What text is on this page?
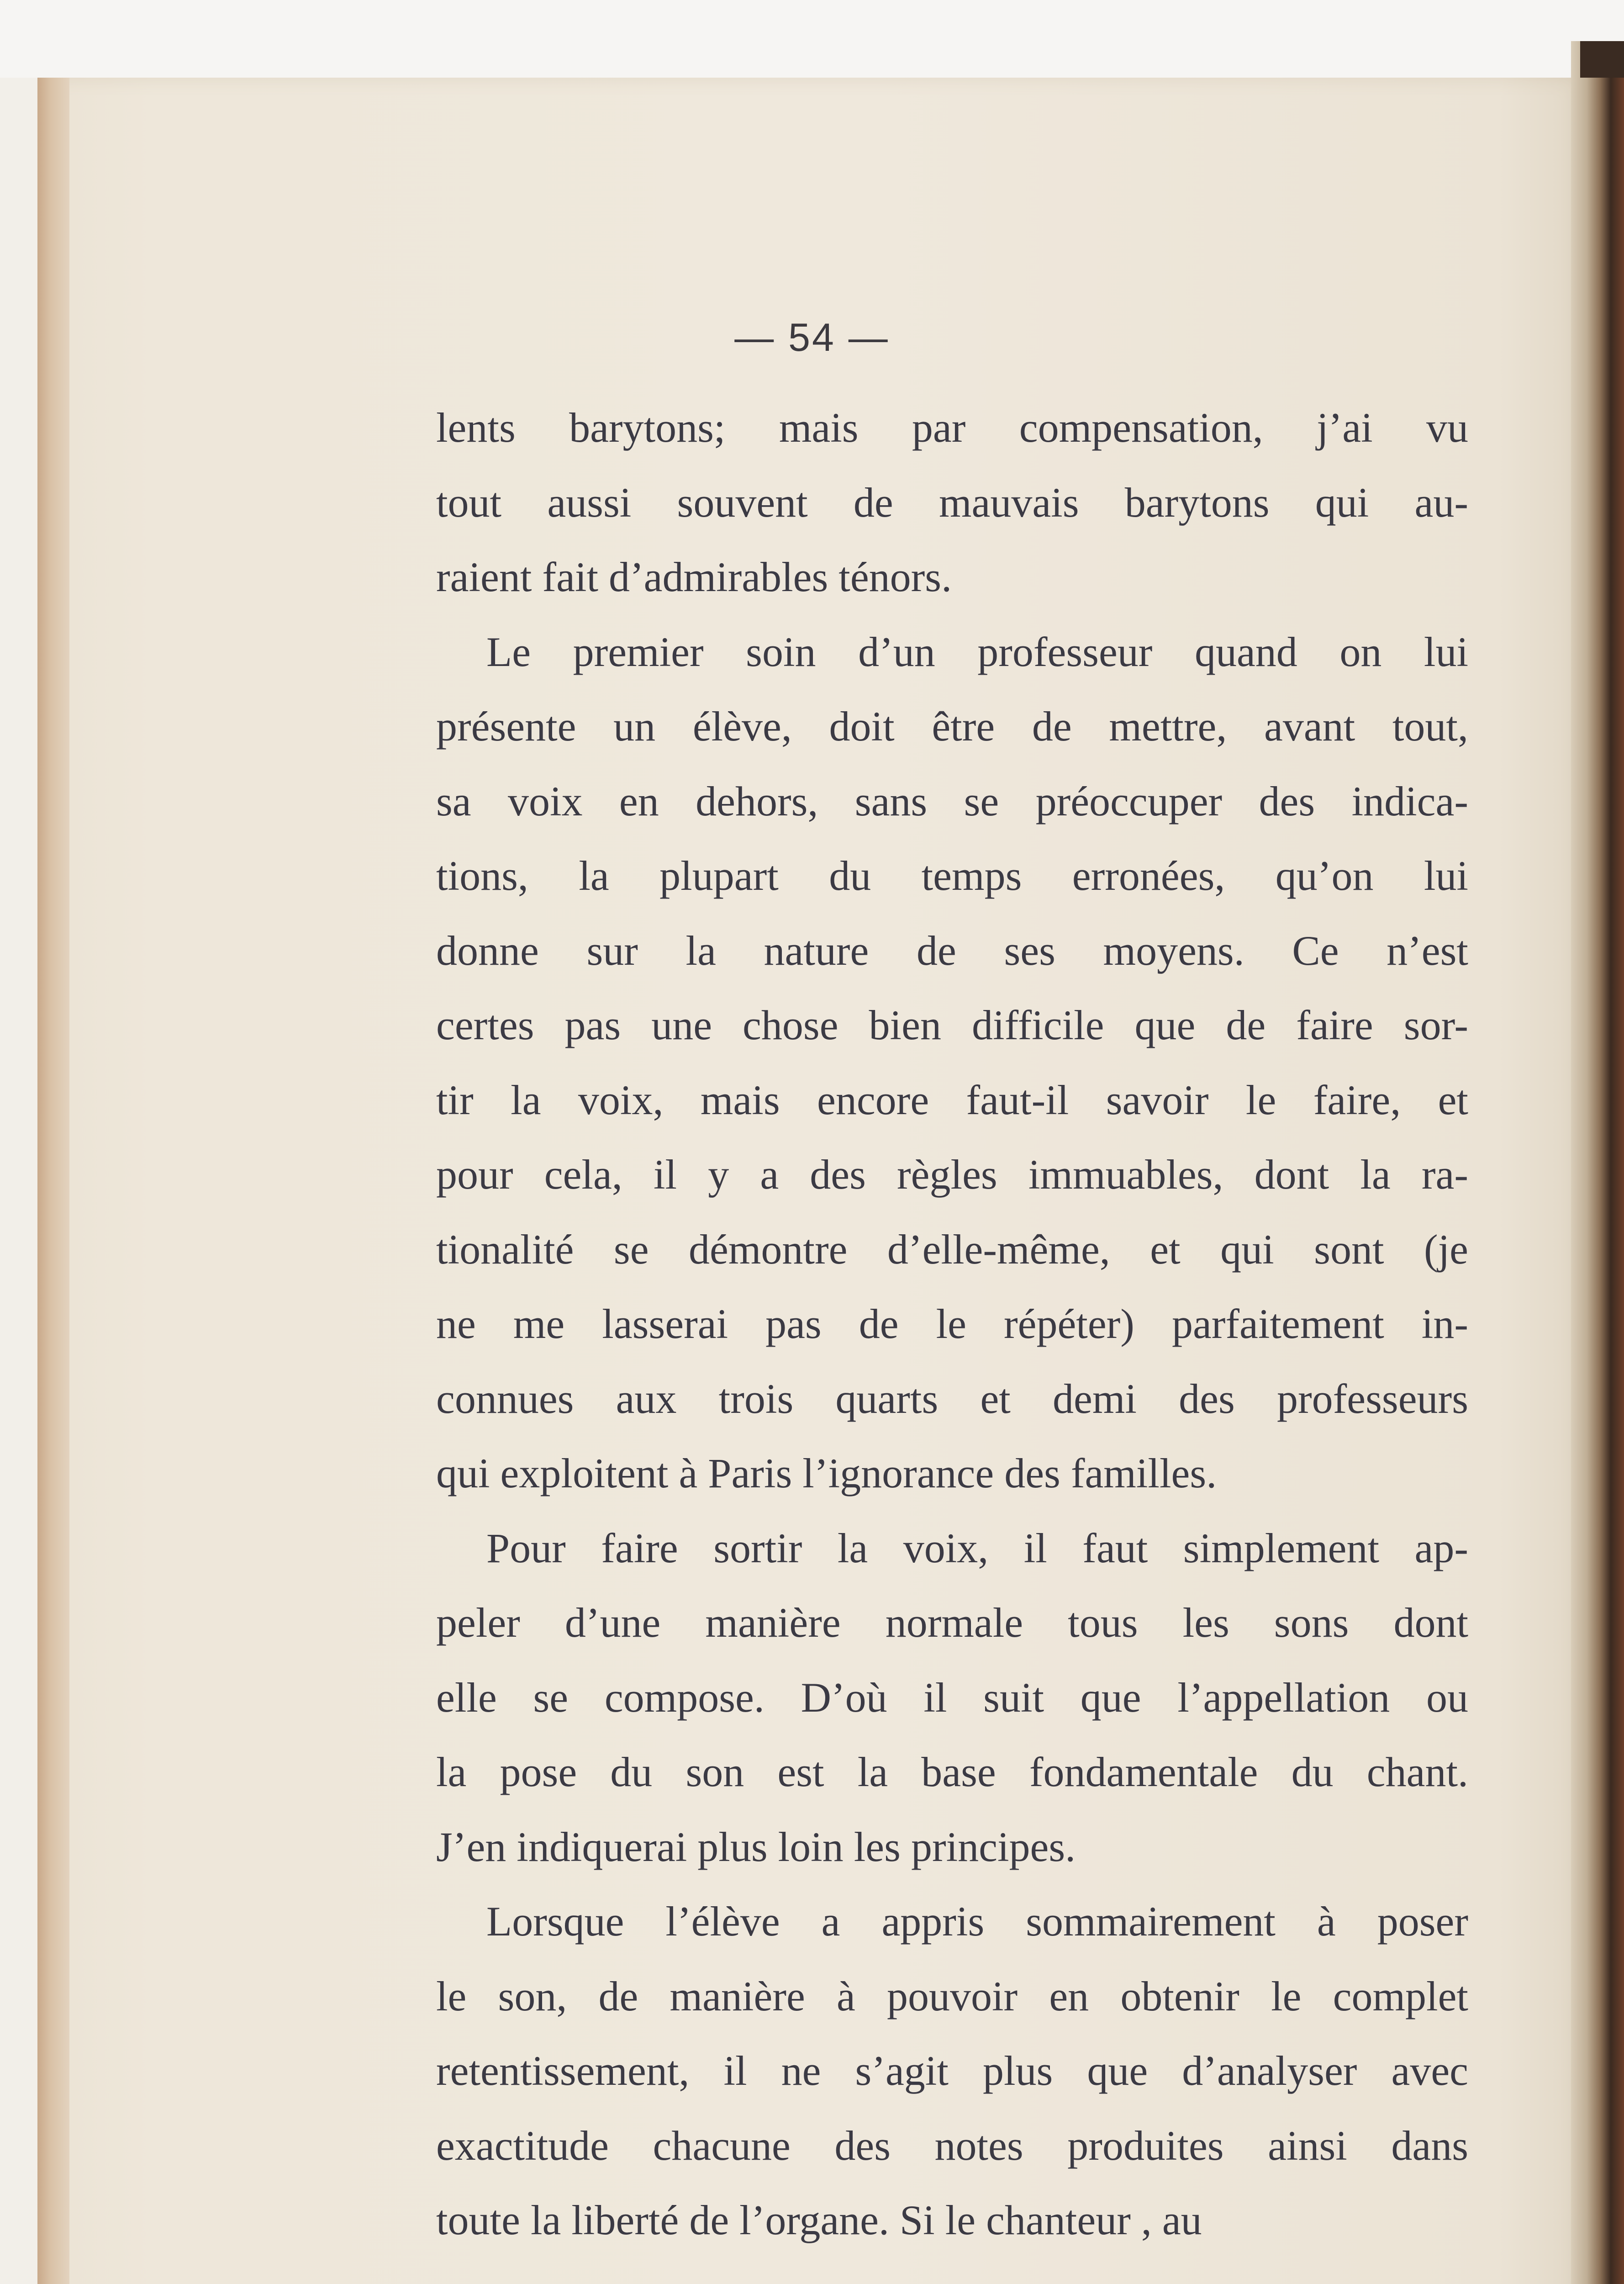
— 54 —

lents barytons; mais par compensation, j’ai vu

tout aussi souvent de mauvais barytons qui au-

raient fait d’admirables ténors.

Le premier soin d’un professeur quand on lui

présente un élève, doit être de mettre, avant tout,

sa voix en dehors, sans se préoccuper des indica-

tions, la plupart du temps erronées, qu’on lui

donne sur la nature de ses moyens. Ce n’est

certes pas une chose bien difficile que de faire sor-

tir la voix, mais encore faut-il savoir le faire, et

pour cela, il y a des règles immuables, dont la ra-

tionalité se démontre d’elle-même, et qui sont (je

ne me lasserai pas de le répéter) parfaitement in-

connues aux trois quarts et demi des professeurs

qui exploitent à Paris l’ignorance des familles.

Pour faire sortir la voix, il faut simplement ap-

peler d’une manière normale tous les sons dont

elle se compose. D’où il suit que l’appellation ou

la pose du son est la base fondamentale du chant.

J’en indiquerai plus loin les principes.

Lorsque l’élève a appris sommairement à poser

le son, de manière à pouvoir en obtenir le complet

retentissement, il ne s’agit plus que d’analyser avec

exactitude chacune des notes produites ainsi dans

toute la liberté de l’organe. Si le chanteur , au
